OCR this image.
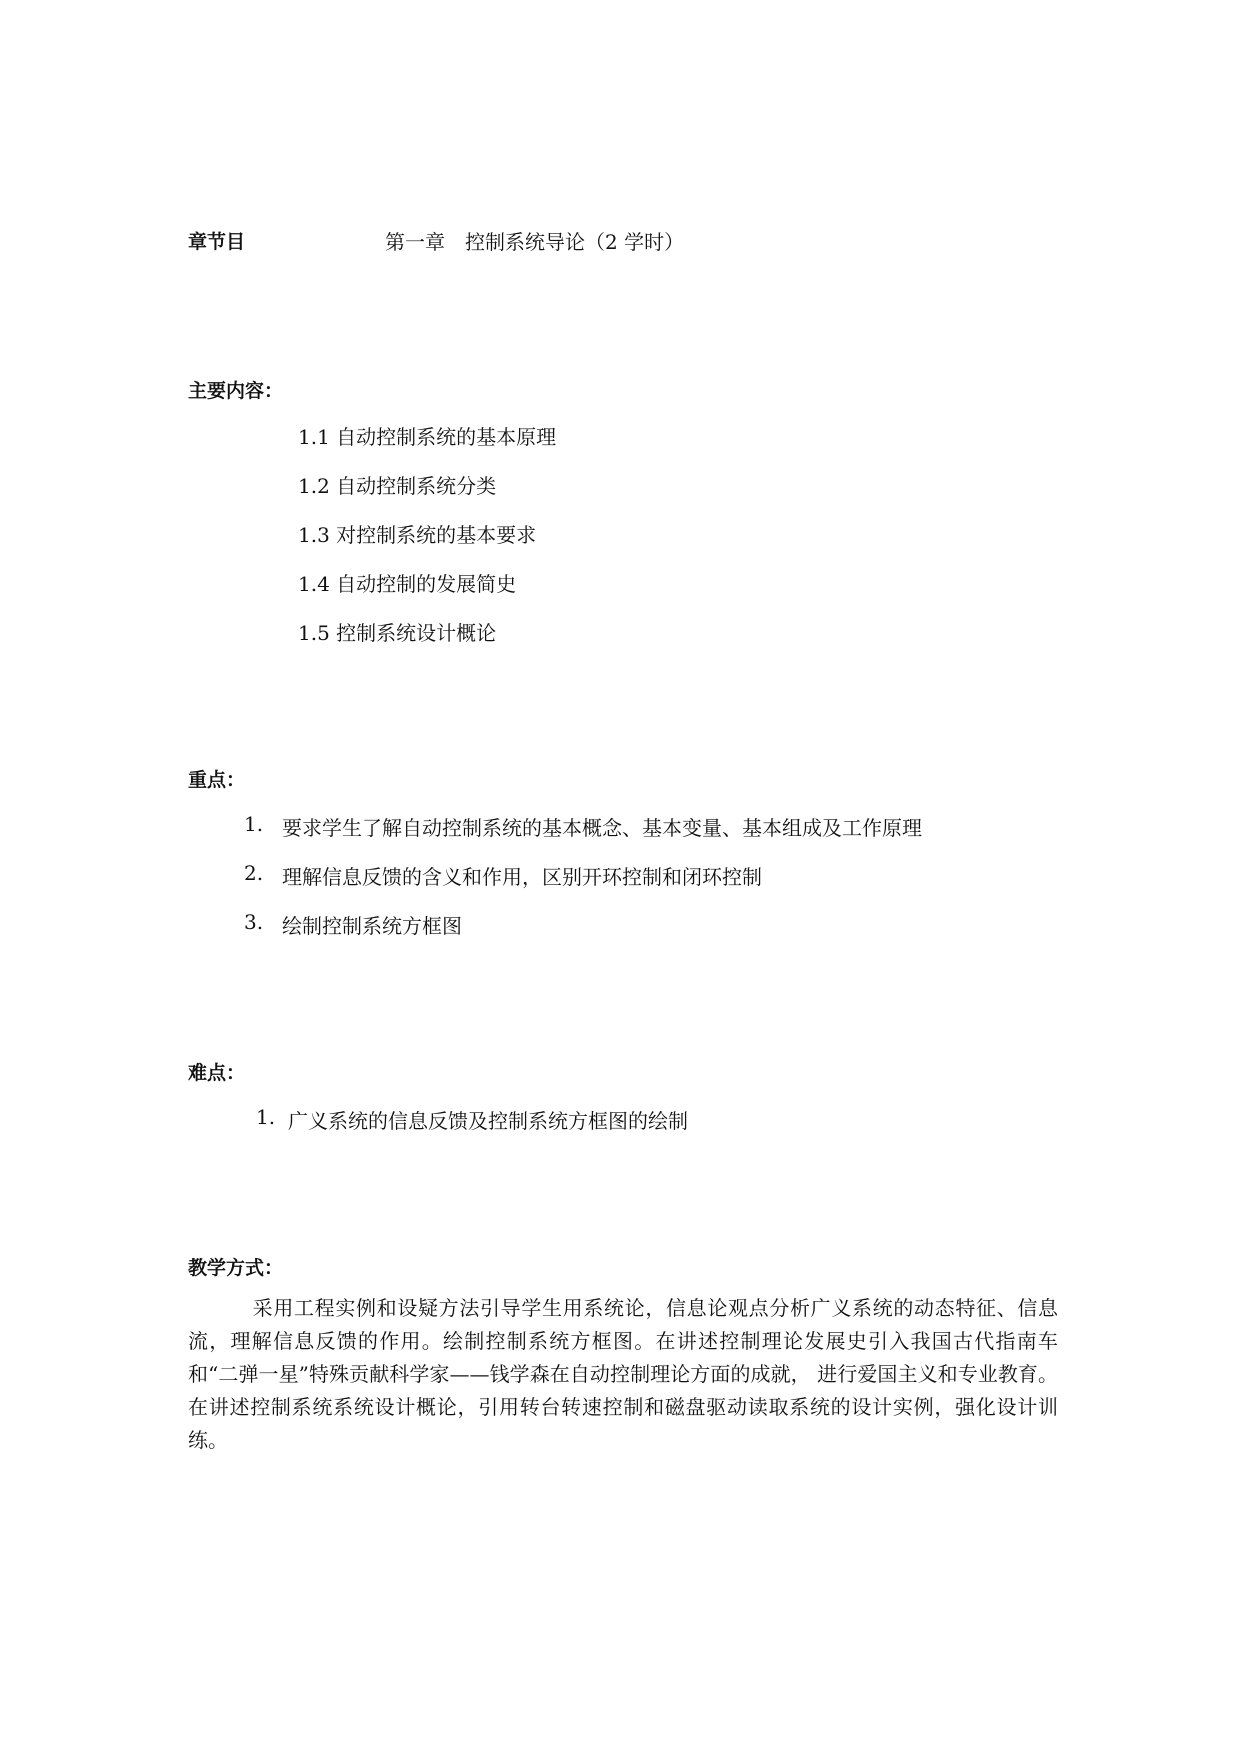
章节目	第一章　控制系统导论（2 学时）
主要内容：
1.1 自动控制系统的基本原理
1.2 自动控制系统分类
1.3 对控制系统的基本要求
1.4 自动控制的发展简史
1.5 控制系统设计概论
重点：
1. 要求学生了解自动控制系统的基本概念、基本变量、基本组成及工作原理
2. 理解信息反馈的含义和作用，区别开环控制和闭环控制
3. 绘制控制系统方框图
难点：
1. 广义系统的信息反馈及控制系统方框图的绘制
教学方式：
采用工程实例和设疑方法引导学生用系统论，信息论观点分析广义系统的动态特征、信息流，理解信息反馈的作用。绘制控制系统方框图。在讲述控制理论发展史引入我国古代指南车和“二弹一星”特殊贡献科学家——钱学森在自动控制理论方面的成就， 进行爱国主义和专业教育。在讲述控制系统系统设计概论，引用转台转速控制和磁盘驱动读取系统的设计实例，强化设计训练。
